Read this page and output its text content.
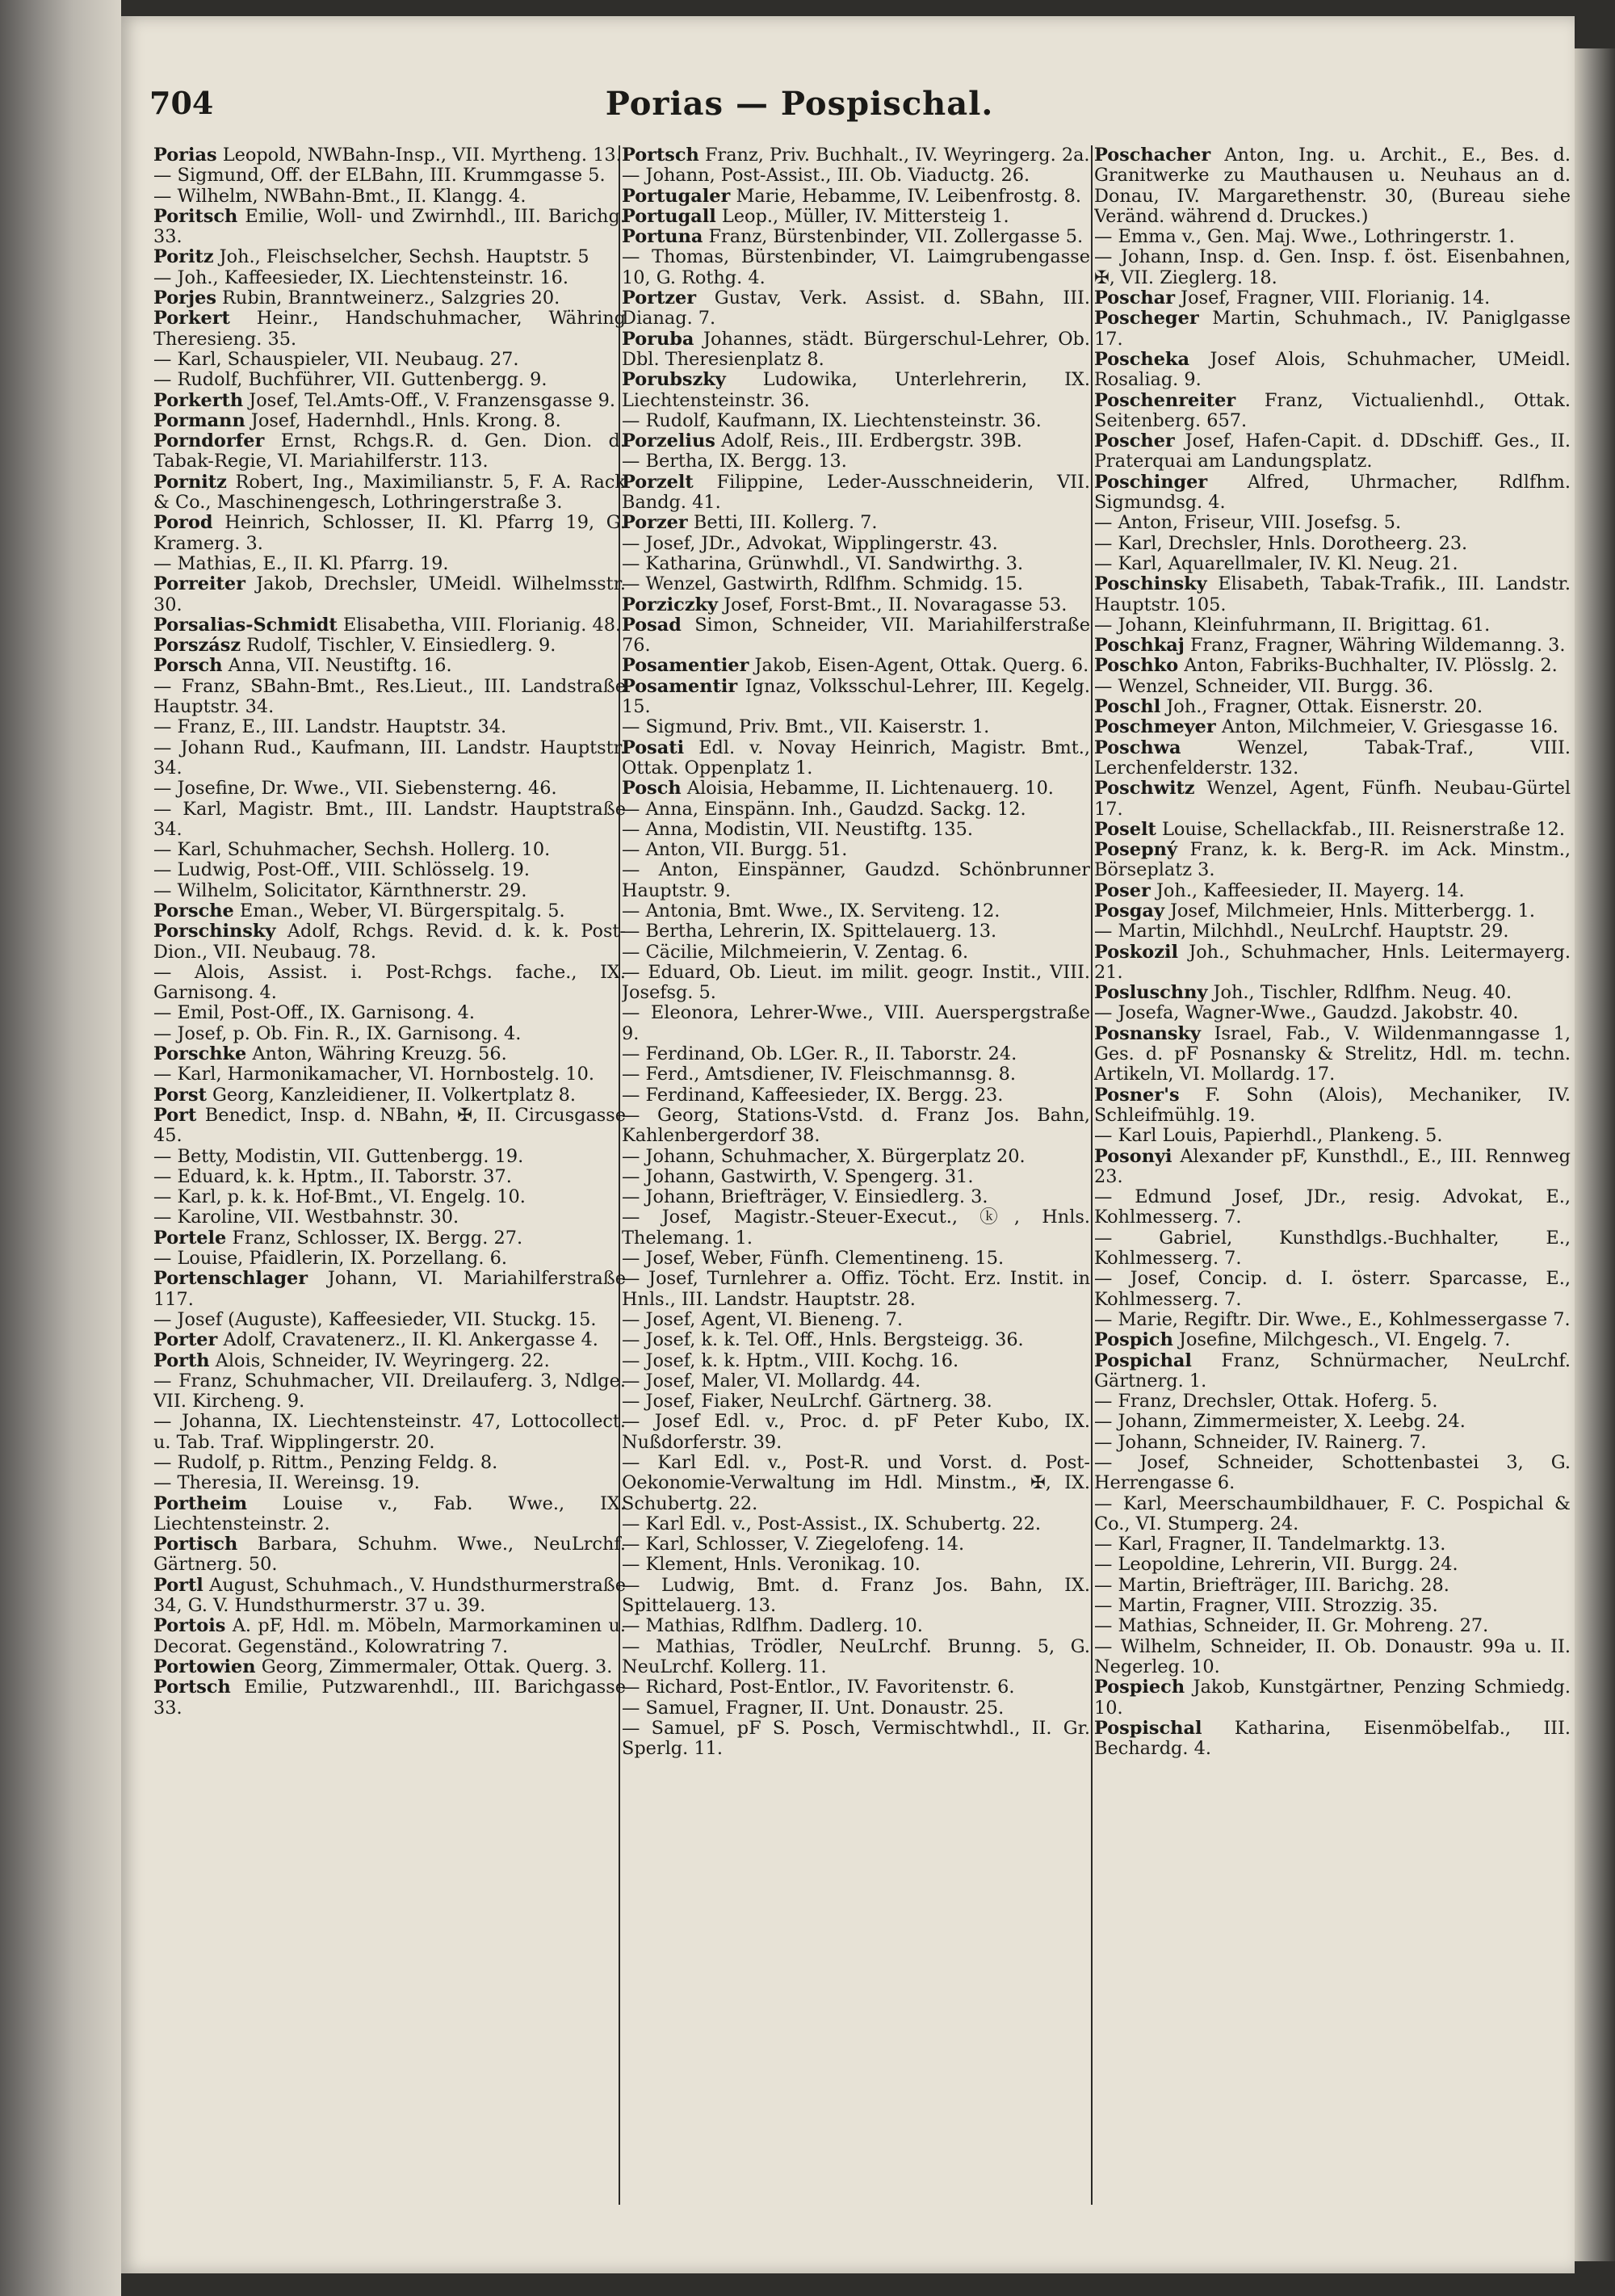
704	Porias — Pospischal.

Porias Leopold, NWBahn-Insp., VII. Myrtheng. 13.

— Sigmund, Off. der ELBahn, III. Krummgasse 5.

— Wilhelm, NWBahn-Bmt., II. Klangg. 4.

Poritsch Emilie, Woll- und Zwirnhdl., III. Barichg. 33.

Poritz Joh., Fleischselcher, Sechsh. Hauptstr. 5

— Joh., Kaffeesieder, IX. Liechtensteinstr. 16.

Porjes Rubin, Branntweinerz., Salzgries 20.

Porkert Heinr., Handschuhmacher, Währing Theresieng. 35.

— Karl, Schauspieler, VII. Neubaug. 27.

— Rudolf, Buchführer, VII. Guttenbergg. 9.

Porkerth Josef, Tel.Amts-Off., V. Franzensgasse 9.

Pormann Josef, Hadernhdl., Hnls. Krong. 8.

Porndorfer Ernst, Rchgs.R. d. Gen. Dion. d. Tabak-Regie, VI. Mariahilferstr. 113.

Pornitz Robert, Ing., Maximilianstr. 5, F. A. Rack & Co., Maschinengesch, Lothringerstraße 3.

Porod Heinrich, Schlosser, II. Kl. Pfarrg 19, G. Kramerg. 3.

— Mathias, E., II. Kl. Pfarrg. 19.

Porreiter Jakob, Drechsler, UMeidl. Wilhelmsstr. 30.

Porsalias-Schmidt Elisabetha, VIII. Florianig. 48.

Porszász Rudolf, Tischler, V. Einsiedlerg. 9.

Porsch Anna, VII. Neustiftg. 16.

— Franz, SBahn-Bmt., Res.Lieut., III. Landstraße Hauptstr. 34.

— Franz, E., III. Landstr. Hauptstr. 34.

— Johann Rud., Kaufmann, III. Landstr. Hauptstr. 34.

— Josefine, Dr. Wwe., VII. Siebensterng. 46.

— Karl, Magistr. Bmt., III. Landstr. Hauptstraße 34.

— Karl, Schuhmacher, Sechsh. Hollerg. 10.

— Ludwig, Post-Off., VIII. Schlösselg. 19.

— Wilhelm, Solicitator, Kärnthnerstr. 29.

Porsche Eman., Weber, VI. Bürgerspitalg. 5.

Porschinsky Adolf, Rchgs. Revid. d. k. k. Post-Dion., VII. Neubaug. 78.

— Alois, Assist. i. Post-Rchgs. fache., IX. Garnisong. 4.

— Emil, Post-Off., IX. Garnisong. 4.

— Josef, p. Ob. Fin. R., IX. Garnisong. 4.

Porschke Anton, Währing Kreuzg. 56.

— Karl, Harmonikamacher, VI. Hornbostelg. 10.

Porst Georg, Kanzleidiener, II. Volkertplatz 8.

Port Benedict, Insp. d. NBahn, ✠, II. Circusgasse 45.

— Betty, Modistin, VII. Guttenbergg. 19.

— Eduard, k. k. Hptm., II. Taborstr. 37.

— Karl, p. k. k. Hof-Bmt., VI. Engelg. 10.

— Karoline, VII. Westbahnstr. 30.

Portele Franz, Schlosser, IX. Bergg. 27.

— Louise, Pfaidlerin, IX. Porzellang. 6.

Portenschlager Johann, VI. Mariahilferstraße 117.

— Josef (Auguste), Kaffeesieder, VII. Stuckg. 15.

Porter Adolf, Cravatenerz., II. Kl. Ankergasse 4.

Porth Alois, Schneider, IV. Weyringerg. 22.

— Franz, Schuhmacher, VII. Dreilauferg. 3, Ndlge. VII. Kircheng. 9.

— Johanna, IX. Liechtensteinstr. 47, Lottocollect. u. Tab. Traf. Wipplingerstr. 20.

— Rudolf, p. Rittm., Penzing Feldg. 8.

— Theresia, II. Wereinsg. 19.

Portheim Louise v., Fab. Wwe., IX. Liechtensteinstr. 2.

Portisch Barbara, Schuhm. Wwe., NeuLrchf. Gärtnerg. 50.

Portl August, Schuhmach., V. Hundsthurmerstraße 34, G. V. Hundsthurmerstr. 37 u. 39.

Portois A. pF, Hdl. m. Möbeln, Marmorkaminen u. Decorat. Gegenständ., Kolowratring 7.

Portowien Georg, Zimmermaler, Ottak. Querg. 3.

Portsch Emilie, Putzwarenhdl., III. Barichgasse 33.

Portsch Franz, Priv. Buchhalt., IV. Weyringerg. 2a.

— Johann, Post-Assist., III. Ob. Viaductg. 26.

Portugaler Marie, Hebamme, IV. Leibenfrostg. 8.

Portugall Leop., Müller, IV. Mittersteig 1.

Portuna Franz, Bürstenbinder, VII. Zollergasse 5.

— Thomas, Bürstenbinder, VI. Laimgrubengasse 10, G. Rothg. 4.

Portzer Gustav, Verk. Assist. d. SBahn, III. Dianag. 7.

Poruba Johannes, städt. Bürgerschul-Lehrer, Ob. Dbl. Theresienplatz 8.

Porubszky Ludowika, Unterlehrerin, IX. Liechtensteinstr. 36.

— Rudolf, Kaufmann, IX. Liechtensteinstr. 36.

Porzelius Adolf, Reis., III. Erdbergstr. 39B.

— Bertha, IX. Bergg. 13.

Porzelt Filippine, Leder-Ausschneiderin, VII. Bandg. 41.

Porzer Betti, III. Kollerg. 7.

— Josef, JDr., Advokat, Wipplingerstr. 43.

— Katharina, Grünwhdl., VI. Sandwirthg. 3.

— Wenzel, Gastwirth, Rdlfhm. Schmidg. 15.

Porziczky Josef, Forst-Bmt., II. Novaragasse 53.

Posad Simon, Schneider, VII. Mariahilferstraße 76.

Posamentier Jakob, Eisen-Agent, Ottak. Querg. 6.

Posamentir Ignaz, Volksschul-Lehrer, III. Kegelg. 15.

— Sigmund, Priv. Bmt., VII. Kaiserstr. 1.

Posati Edl. v. Novay Heinrich, Magistr. Bmt., Ottak. Oppenplatz 1.

Posch Aloisia, Hebamme, II. Lichtenauerg. 10.

— Anna, Einspänn. Inh., Gaudzd. Sackg. 12.

— Anna, Modistin, VII. Neustiftg. 135.

— Anton, VII. Burgg. 51.

— Anton, Einspänner, Gaudzd. Schönbrunner Hauptstr. 9.

— Antonia, Bmt. Wwe., IX. Serviteng. 12.

— Bertha, Lehrerin, IX. Spittelauerg. 13.

— Cäcilie, Milchmeierin, V. Zentag. 6.

— Eduard, Ob. Lieut. im milit. geogr. Instit., VIII. Josefsg. 5.

— Eleonora, Lehrer-Wwe., VIII. Auerspergstraße 9.

— Ferdinand, Ob. LGer. R., II. Taborstr. 24.

— Ferd., Amtsdiener, IV. Fleischmannsg. 8.

— Ferdinand, Kaffeesieder, IX. Bergg. 23.

— Georg, Stations-Vstd. d. Franz Jos. Bahn, Kahlenbergerdorf 38.

— Johann, Schuhmacher, X. Bürgerplatz 20.

— Johann, Gastwirth, V. Spengerg. 31.

— Johann, Briefträger, V. Einsiedlerg. 3.

— Josef, Magistr.-Steuer-Execut., ⓚ, Hnls. Thelemang. 1.

— Josef, Weber, Fünfh. Clementineng. 15.

— Josef, Turnlehrer a. Offiz. Töcht. Erz. Instit. in Hnls., III. Landstr. Hauptstr. 28.

— Josef, Agent, VI. Bieneng. 7.

— Josef, k. k. Tel. Off., Hnls. Bergsteigg. 36.

— Josef, k. k. Hptm., VIII. Kochg. 16.

— Josef, Maler, VI. Mollardg. 44.

— Josef, Fiaker, NeuLrchf. Gärtnerg. 38.

— Josef Edl. v., Proc. d. pF Peter Kubo, IX. Nußdorferstr. 39.

— Karl Edl. v., Post-R. und Vorst. d. Post-Oekonomie-Verwaltung im Hdl. Minstm., ✠, IX. Schubertg. 22.

— Karl Edl. v., Post-Assist., IX. Schubertg. 22.

— Karl, Schlosser, V. Ziegelofeng. 14.

— Klement, Hnls. Veronikag. 10.

— Ludwig, Bmt. d. Franz Jos. Bahn, IX. Spittelauerg. 13.

— Mathias, Rdlfhm. Dadlerg. 10.

— Mathias, Trödler, NeuLrchf. Brunng. 5, G. NeuLrchf. Kollerg. 11.

— Richard, Post-Entlor., IV. Favoritenstr. 6.

— Samuel, Fragner, II. Unt. Donaustr. 25.

— Samuel, pF S. Posch, Vermischtwhdl., II. Gr. Sperlg. 11.

Poschacher Anton, Ing. u. Archit., E., Bes. d. Granitwerke zu Mauthausen u. Neuhaus an d. Donau, IV. Margarethenstr. 30, (Bureau siehe Veränd. während d. Druckes.)

— Emma v., Gen. Maj. Wwe., Lothringerstr. 1.

— Johann, Insp. d. Gen. Insp. f. öst. Eisenbahnen, ✠, VII. Zieglerg. 18.

Poschar Josef, Fragner, VIII. Florianig. 14.

Poscheger Martin, Schuhmach., IV. Paniglgasse 17.

Poscheka Josef Alois, Schuhmacher, UMeidl. Rosaliag. 9.

Poschenreiter Franz, Victualienhdl., Ottak. Seitenberg. 657.

Poscher Josef, Hafen-Capit. d. DDschiff. Ges., II. Praterquai am Landungsplatz.

Poschinger Alfred, Uhrmacher, Rdlfhm. Sigmundsg. 4.

— Anton, Friseur, VIII. Josefsg. 5.

— Karl, Drechsler, Hnls. Dorotheerg. 23.

— Karl, Aquarellmaler, IV. Kl. Neug. 21.

Poschinsky Elisabeth, Tabak-Trafik., III. Landstr. Hauptstr. 105.

— Johann, Kleinfuhrmann, II. Brigittag. 61.

Poschkaj Franz, Fragner, Währing Wildemanng. 3.

Poschko Anton, Fabriks-Buchhalter, IV. Plösslg. 2.

— Wenzel, Schneider, VII. Burgg. 36.

Poschl Joh., Fragner, Ottak. Eisnerstr. 20.

Poschmeyer Anton, Milchmeier, V. Griesgasse 16.

Poschwa	Wenzel, Tabak-Traf., VIII. Lerchenfelderstr. 132.

Poschwitz Wenzel, Agent, Fünfh. Neubau-Gürtel 17.

Poselt Louise, Schellackfab., III. Reisnerstraße 12.

Posepný Franz, k. k. Berg-R. im Ack. Minstm., Börseplatz 3.

Poser Joh., Kaffeesieder, II. Mayerg. 14.

Posgay Josef, Milchmeier, Hnls. Mitterbergg. 1.

— Martin, Milchhdl., NeuLrchf. Hauptstr. 29.

Poskozil Joh., Schuhmacher, Hnls. Leitermayerg. 21.

Posluschny Joh., Tischler, Rdlfhm. Neug. 40.

— Josefa, Wagner-Wwe., Gaudzd. Jakobstr. 40.

Posnansky Israel, Fab., V. Wildenmanngasse 1, Ges. d. pF Posnansky & Strelitz, Hdl. m. techn. Artikeln, VI. Mollardg. 17.

Posner's F. Sohn (Alois), Mechaniker, IV. Schleifmühlg. 19.

— Karl Louis, Papierhdl., Plankeng. 5.

Posonyi Alexander pF, Kunsthdl., E., III. Rennweg 23.

— Edmund Josef, JDr., resig. Advokat, E., Kohlmesserg. 7.

— Gabriel, Kunsthdlgs.-Buchhalter, E., Kohlmesserg. 7.

— Josef, Concip. d. I. österr. Sparcasse, E., Kohlmesserg. 7.

— Marie, Regiftr. Dir. Wwe., E., Kohlmessergasse 7.

Pospich Josefine, Milchgesch., VI. Engelg. 7.

Pospichal Franz, Schnürmacher, NeuLrchf. Gärtnerg. 1.

— Franz, Drechsler, Ottak. Hoferg. 5.

— Johann, Zimmermeister, X. Leebg. 24.

— Johann, Schneider, IV. Rainerg. 7.

— Josef, Schneider, Schottenbastei 3, G. Herrengasse 6.

— Karl, Meerschaumbildhauer, F. C. Pospichal & Co., VI. Stumperg. 24.

— Karl, Fragner, II. Tandelmarktg. 13.

— Leopoldine, Lehrerin, VII. Burgg. 24.

— Martin, Briefträger, III. Barichg. 28.

— Martin, Fragner, VIII. Strozzig. 35.

— Mathias, Schneider, II. Gr. Mohreng. 27.

— Wilhelm, Schneider, II. Ob. Donaustr. 99a u. II. Negerleg. 10.

Pospiech Jakob, Kunstgärtner, Penzing Schmiedg. 10.

Pospischal Katharina, Eisenmöbelfab., III. Bechardg. 4.
